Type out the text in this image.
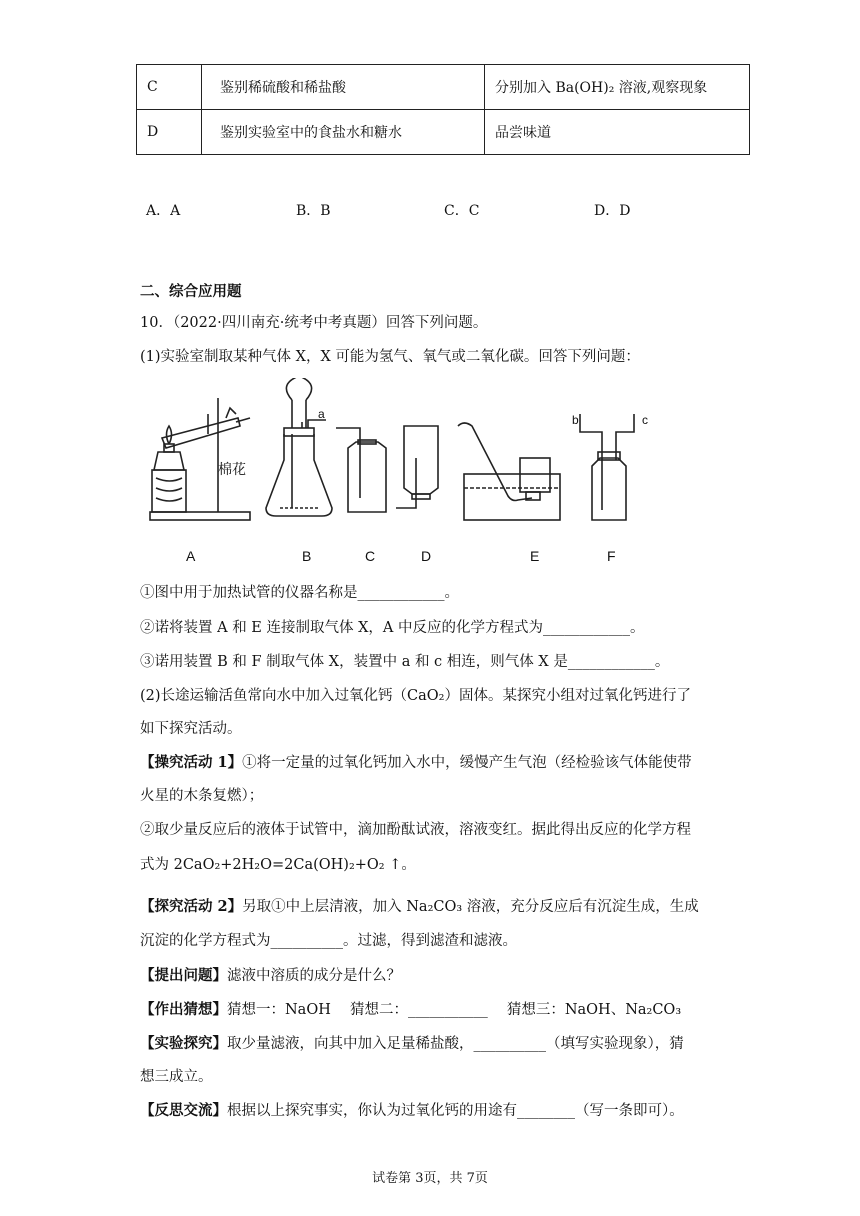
C	鉴别稀硫酸和稀盐酸	分别加入 Ba(OH)₂ 溶液,观察现象
D	鉴别实验室中的食盐水和糖水	品尝味道
A．A	B．B	C．C	D．D
二、综合应用题
10．（2022·四川南充·统考中考真题）回答下列问题。
(1)实验室制取某种气体 X，X 可能为氢气、氧气或二氧化碳。回答下列问题：
棉花
a	b	c
A	B	C	D	E	F
①图中用于加热试管的仪器名称是____________。
②诺将装置 A 和 E 连接制取气体 X，A 中反应的化学方程式为____________。
③诺用装置 B 和 F 制取气体 X，装置中 a 和 c 相连，则气体 X 是____________。
(2)长途运输活鱼常向水中加入过氧化钙（CaO₂）固体。某探究小组对过氧化钙进行了
如下探究活动。
【操究活动 1】①将一定量的过氧化钙加入水中，缓慢产生气泡（经检验该气体能使带
火星的木条复燃）；
②取少量反应后的液体于试管中，滴加酚酞试液，溶液变红。据此得出反应的化学方程
式为 2CaO₂+2H₂O=2Ca(OH)₂+O₂ ↑。
【探究活动 2】另取①中上层清液，加入 Na₂CO₃ 溶液，充分反应后有沉淀生成，生成
沉淀的化学方程式为__________。过滤，得到滤渣和滤液。
【提出问题】滤液中溶质的成分是什么？
【作出猜想】猜想一：NaOH　 猜想二：___________　 猜想三：NaOH、Na₂CO₃
【实验探究】取少量滤液，向其中加入足量稀盐酸，__________（填写实验现象），猜
想三成立。
【反思交流】根据以上探究事实，你认为过氧化钙的用途有________（写一条即可）。
试卷第 3页，共 7页
